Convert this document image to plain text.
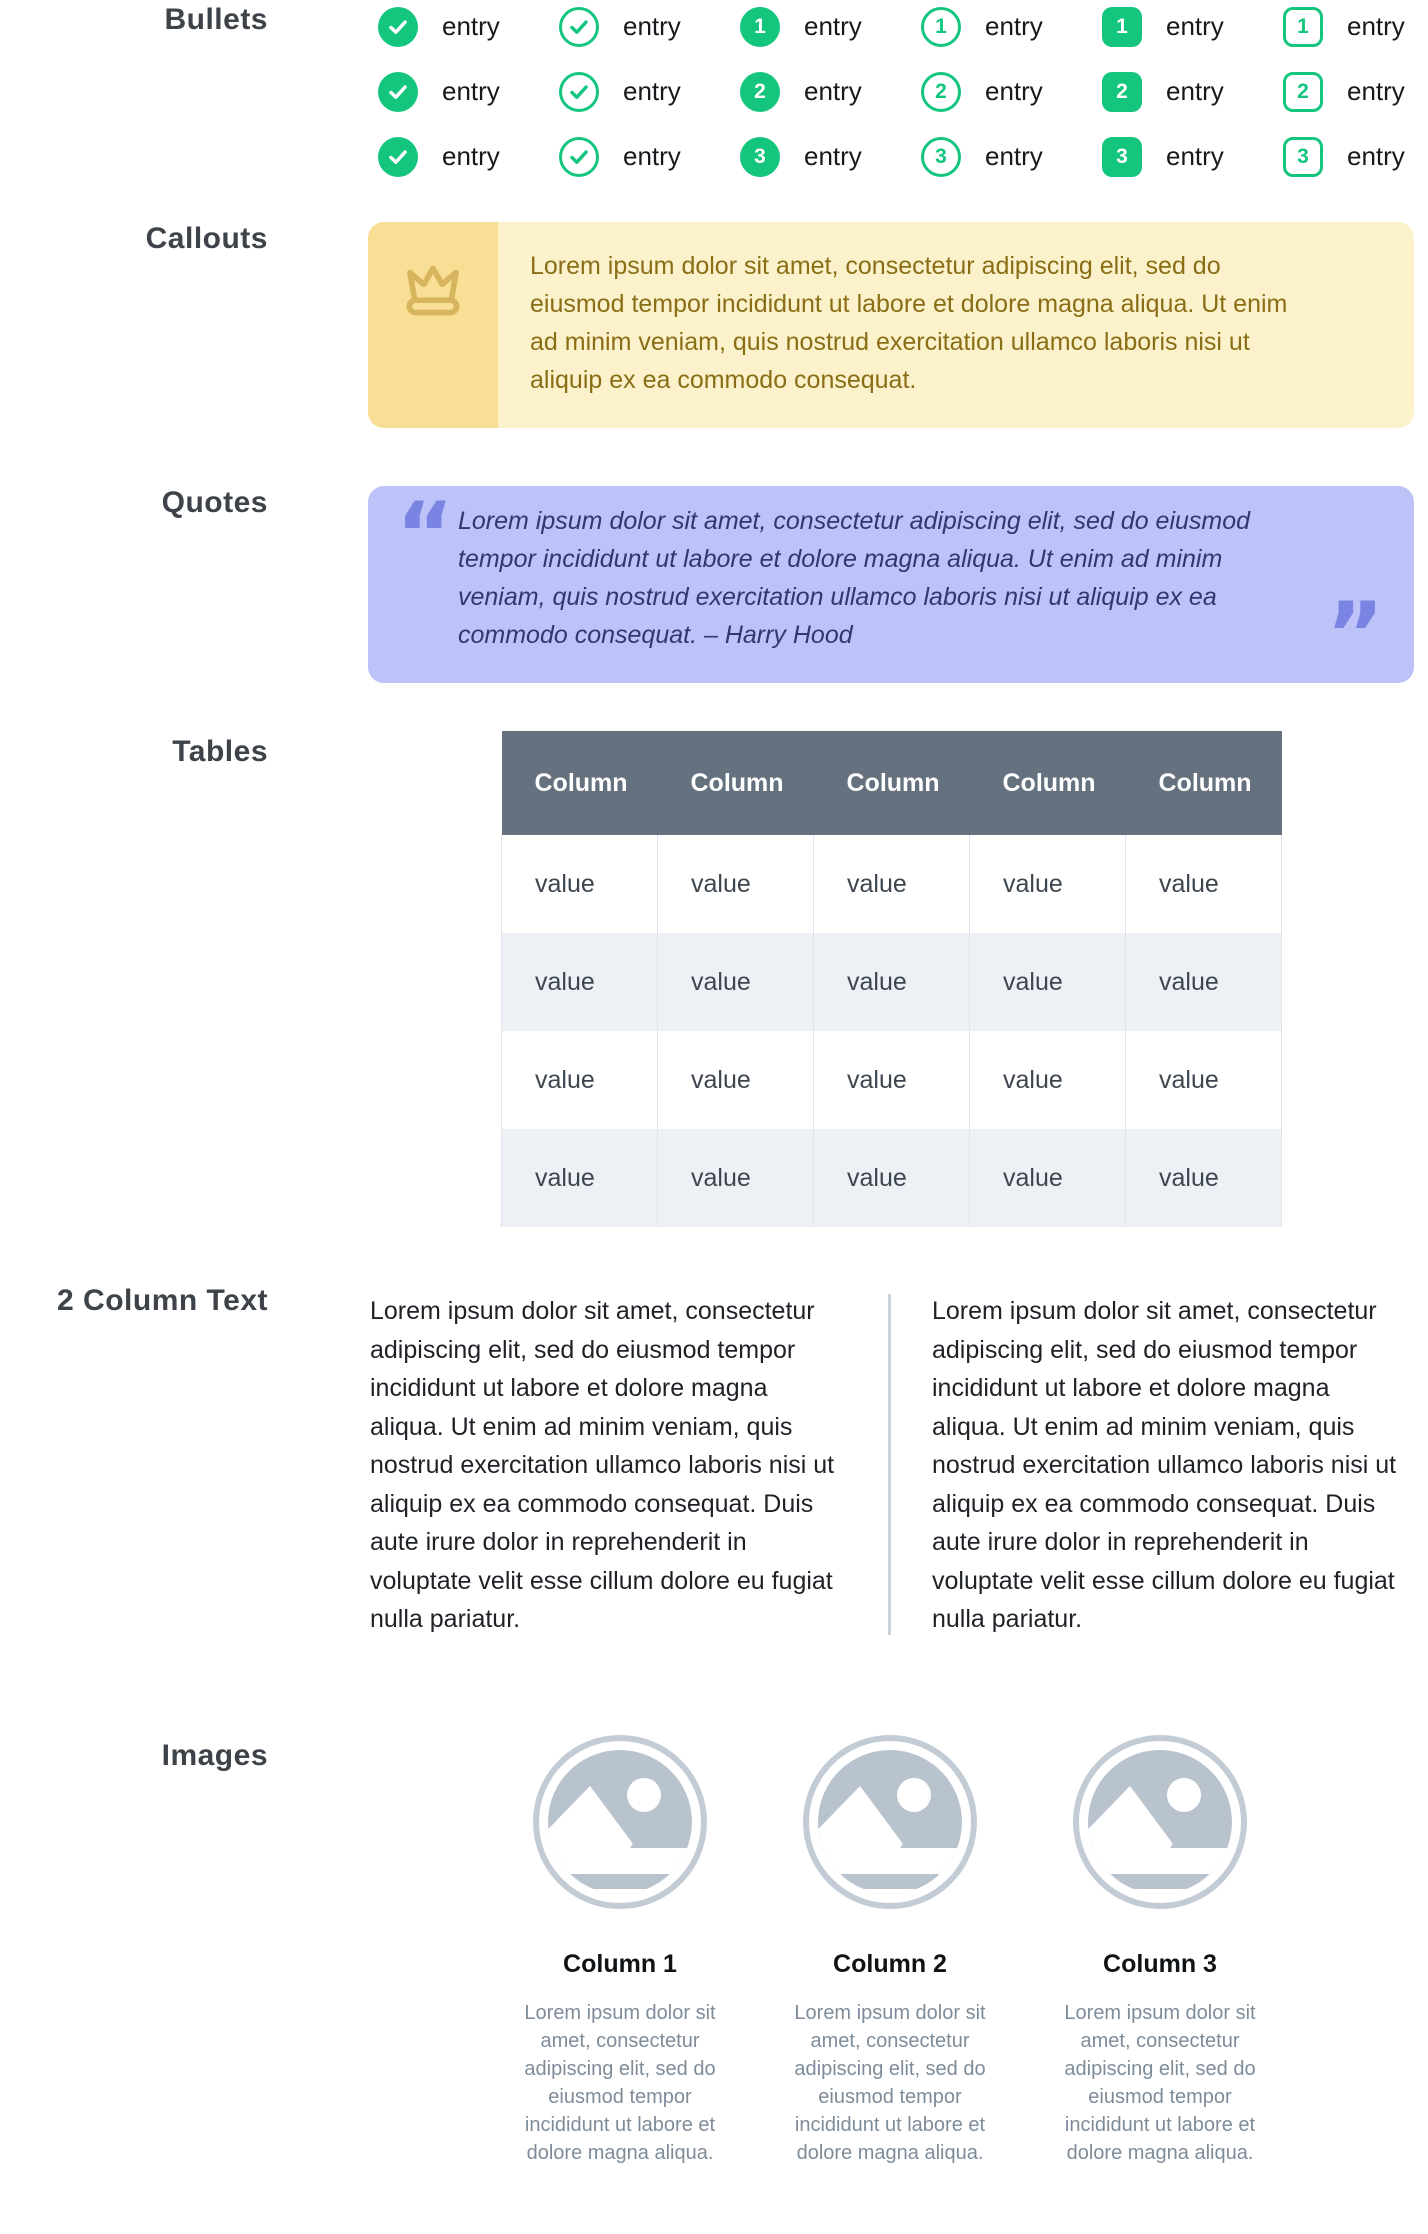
Bullets	entry	entry	1	entry	1	entry	1	entry	1	entry
entry	entry	2	entry	2	entry	2	entry	2	entry
entry	entry	3	entry	3	entry	3	entry	3	entry
Callouts
Lorem ipsum dolor sit amet, consectetur adipiscing elit, sed do eiusmod tempor incididunt ut labore et dolore magna aliqua. Ut enim ad minim veniam, quis nostrud exercitation ullamco laboris nisi ut aliquip ex ea commodo consequat.
Quotes “ Lorem ipsum dolor sit amet, consectetur adipiscing elit, sed do eiusmod tempor incididunt ut labore et dolore magna aliqua. Ut enim ad minim veniam, quis nostrud exercitation ullamco laboris nisi ut aliquip ex ea commodo consequat. – Harry Hood	”
Tables
Column	Column	Column	Column	Column
value	value	value	value	value
value	value	value	value	value
value	value	value	value	value
value	value	value	value	value
2 Column Text	Lorem ipsum dolor sit amet, consectetur adipiscing elit, sed do eiusmod tempor incididunt ut labore et dolore magna aliqua. Ut enim ad minim veniam, quis nostrud exercitation ullamco laboris nisi ut aliquip ex ea commodo consequat. Duis aute irure dolor in reprehenderit in voluptate velit esse cillum dolore eu fugiat nulla pariatur.
Lorem ipsum dolor sit amet, consectetur adipiscing elit, sed do eiusmod tempor incididunt ut labore et dolore magna aliqua. Ut enim ad minim veniam, quis nostrud exercitation ullamco laboris nisi ut aliquip ex ea commodo consequat. Duis aute irure dolor in reprehenderit in voluptate velit esse cillum dolore eu fugiat nulla pariatur.
Images
Column 1
Lorem ipsum dolor sit amet, consectetur adipiscing elit, sed do eiusmod tempor incididunt ut labore et dolore magna aliqua.
Column 2
Lorem ipsum dolor sit amet, consectetur adipiscing elit, sed do eiusmod tempor incididunt ut labore et dolore magna aliqua.
Column 3
Lorem ipsum dolor sit amet, consectetur adipiscing elit, sed do eiusmod tempor incididunt ut labore et dolore magna aliqua.
